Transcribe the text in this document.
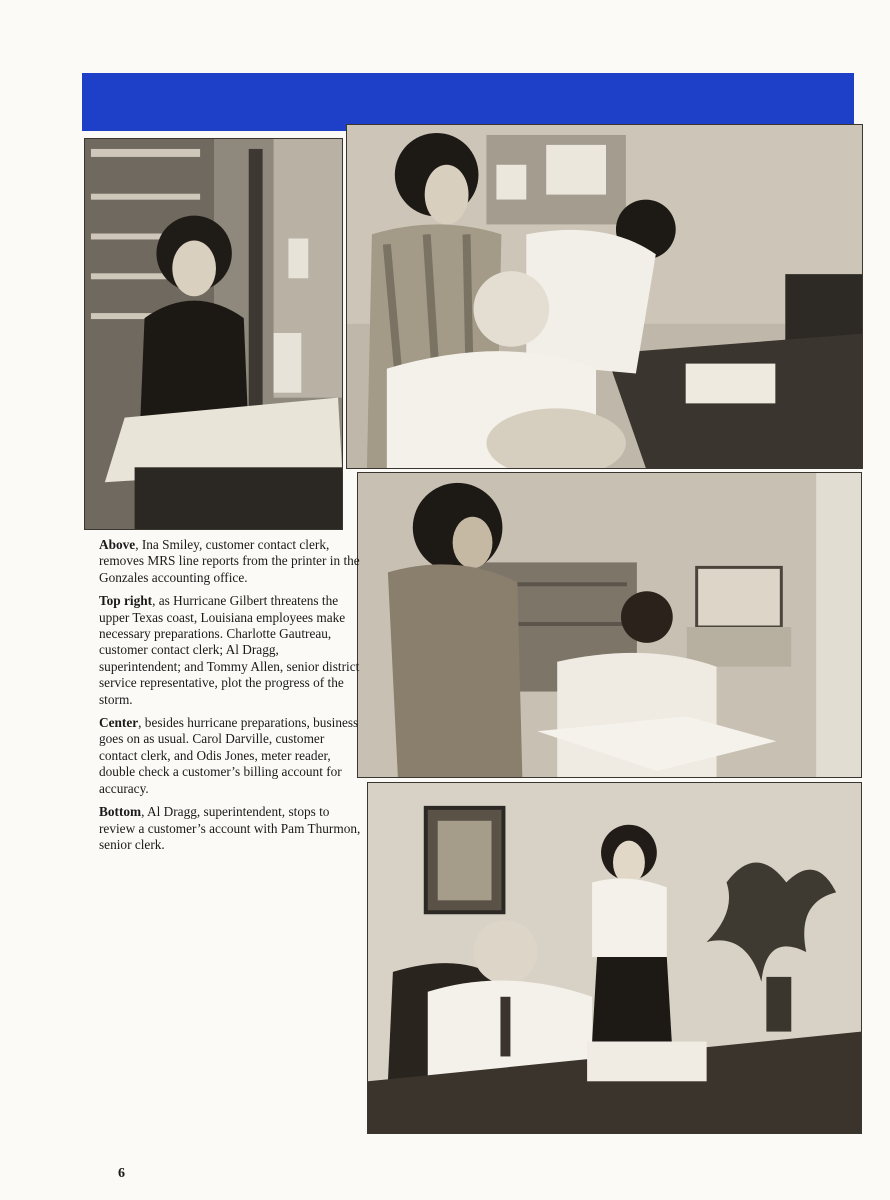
Above, Ina Smiley, customer contact clerk, removes MRS line reports from the printer in the Gonzales accounting office.

Top right, as Hurricane Gilbert threatens the upper Texas coast, Louisiana employees make necessary preparations. Charlotte Gautreau, customer contact clerk; Al Dragg, superintendent; and Tommy Allen, senior district service representative, plot the progress of the storm.

Center, besides hurricane preparations, business goes on as usual. Carol Darville, customer contact clerk, and Odis Jones, meter reader, double check a customer’s billing account for accuracy.

Bottom, Al Dragg, superintendent, stops to review a customer’s account with Pam Thurmon, senior clerk.

6
